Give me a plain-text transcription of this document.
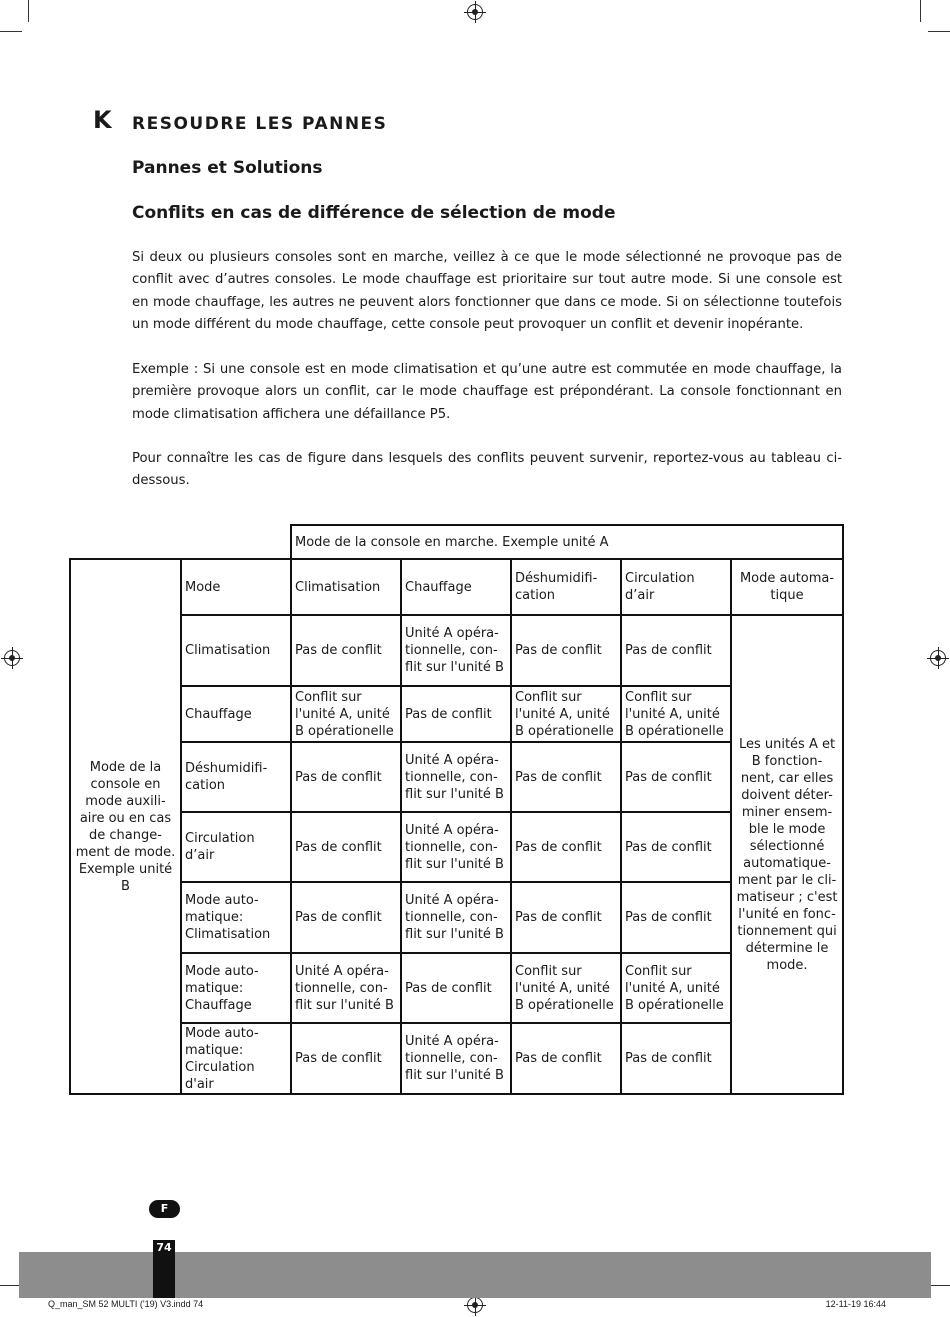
K RESOUDRE LES PANNES
Pannes et Solutions
Conflits en cas de différence de sélection de mode

Si deux ou plusieurs consoles sont en marche, veillez à ce que le mode sélectionné ne provoque pas de conflit avec d’autres consoles. Le mode chauffage est prioritaire sur tout autre mode. Si une console est en mode chauffage, les autres ne peuvent alors fonctionner que dans ce mode. Si on sélectionne toutefois un mode différent du mode chauffage, cette console peut provoquer un conflit et devenir inopérante.

Exemple : Si une console est en mode climatisation et qu’une autre est commutée en mode chauffage, la première provoque alors un conflit, car le mode chauffage est prépondérant. La console fonctionnant en mode climatisation affichera une défaillance P5.

Pour connaître les cas de figure dans lesquels des conflits peuvent survenir, reportez-vous au tableau ci-dessous.

		Mode de la console en marche. Exemple unité A				
Mode de la console en mode auxili-aire ou en cas de change-ment de mode. Exemple unité B	Mode	Climatisation	Chauffage	Déshumidifi-cation	Circulation d’air	Mode automa-tique
	Climatisation	Pas de conflit	Unité A opéra-tionnelle, con-flit sur l'unité B	Pas de conflit	Pas de conflit	Les unités A et B fonction-nent, car elles doivent déter-miner ensem-ble le mode sélectionné automatique-ment par le cli-matiseur ; c'est l'unité en fonc-tionnement qui détermine le mode.
	Chauffage	Conflit sur l'unité A, unité B opérationelle	Pas de conflit	Conflit sur l'unité A, unité B opérationelle	Conflit sur l'unité A, unité B opérationelle	
	Déshumidifi-cation	Pas de conflit	Unité A opéra-tionnelle, con-flit sur l'unité B	Pas de conflit	Pas de conflit	
	Circulation d’air	Pas de conflit	Unité A opéra-tionnelle, con-flit sur l'unité B	Pas de conflit	Pas de conflit	
	Mode auto-matique: Climatisation	Pas de conflit	Unité A opéra-tionnelle, con-flit sur l'unité B	Pas de conflit	Pas de conflit	
	Mode auto-matique: Chauffage	Unité A opéra-tionnelle, con-flit sur l'unité B	Pas de conflit	Conflit sur l'unité A, unité B opérationelle	Conflit sur l'unité A, unité B opérationelle	
	Mode auto-matique: Circulation d'air	Pas de conflit	Unité A opéra-tionnelle, con-flit sur l'unité B	Pas de conflit	Pas de conflit	
F
74
Q_man_SM 52 MULTI ('19) V3.indd 74	12-11-19 16:44
